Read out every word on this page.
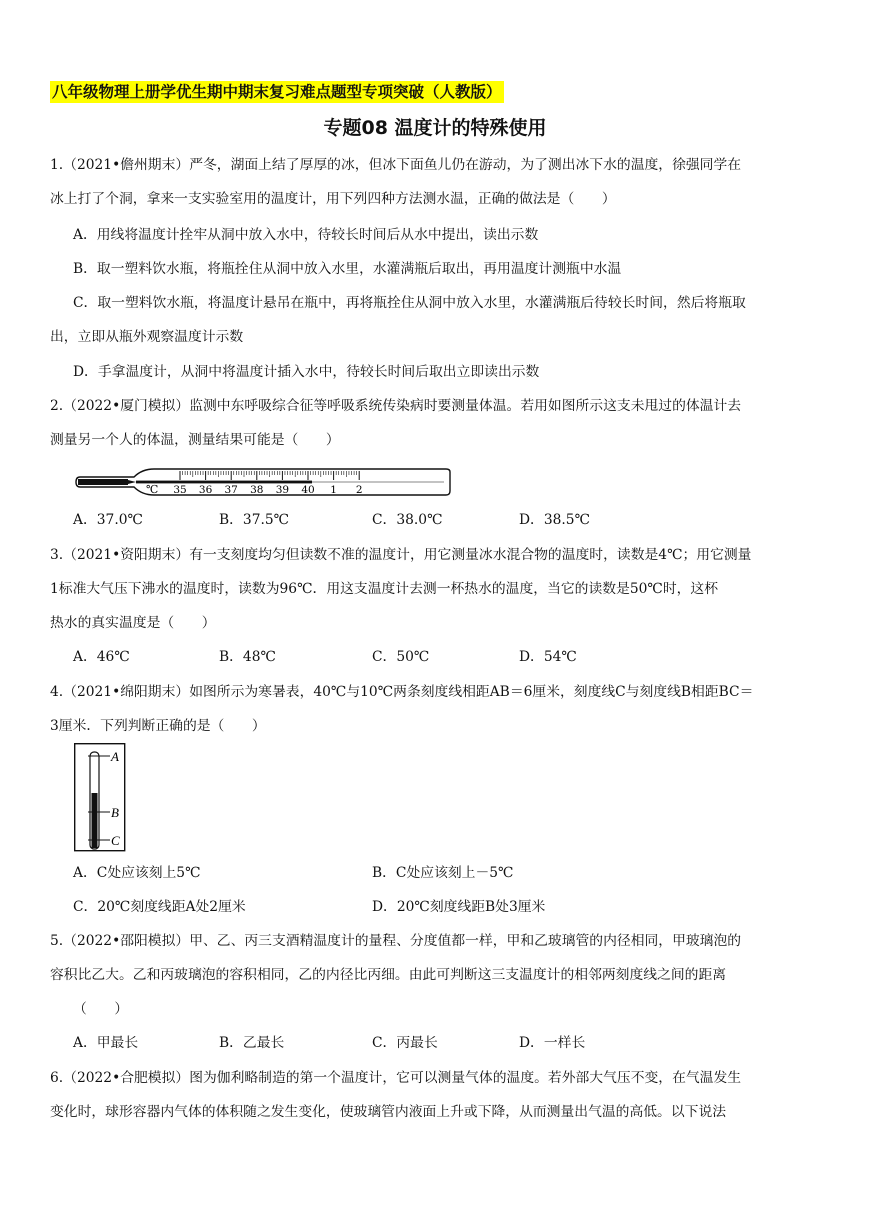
八年级物理上册学优生期中期末复习难点题型专项突破（人教版）
专题08 温度计的特殊使用
1.（2021•儋州期末）严冬，湖面上结了厚厚的冰，但冰下面鱼儿仍在游动，为了测出冰下水的温度，徐强同学在
冰上打了个洞，拿来一支实验室用的温度计，用下列四种方法测水温，正确的做法是（　　）
A．用线将温度计拴牢从洞中放入水中，待较长时间后从水中提出，读出示数
B．取一塑料饮水瓶，将瓶拴住从洞中放入水里，水灌满瓶后取出，再用温度计测瓶中水温
C．取一塑料饮水瓶，将温度计悬吊在瓶中，再将瓶拴住从洞中放入水里，水灌满瓶后待较长时间，然后将瓶取
出，立即从瓶外观察温度计示数
D．手拿温度计，从洞中将温度计插入水中，待较长时间后取出立即读出示数
2.（2022•厦门模拟）监测中东呼吸综合征等呼吸系统传染病时要测量体温。若用如图所示这支未甩过的体温计去
测量另一个人的体温，测量结果可能是（　　）
℃ 35 36 37 38 39 40 1 2
A．37.0℃	B．37.5℃	C．38.0℃	D．38.5℃
3.（2021•资阳期末）有一支刻度均匀但读数不准的温度计，用它测量冰水混合物的温度时，读数是4℃；用它测量
1标准大气压下沸水的温度时，读数为96℃．用这支温度计去测一杯热水的温度，当它的读数是50℃时，这杯
热水的真实温度是（　　）
A．46℃	B．48℃	C．50℃	D．54℃
4.（2021•绵阳期末）如图所示为寒暑表，40℃与10℃两条刻度线相距AB＝6厘米，刻度线C与刻度线B相距BC＝
3厘米．下列判断正确的是（　　）
A
B
C
A．C处应该刻上5℃	B．C处应该刻上－5℃
C．20℃刻度线距A处2厘米	D．20℃刻度线距B处3厘米
5.（2022•邵阳模拟）甲、乙、丙三支酒精温度计的量程、分度值都一样，甲和乙玻璃管的内径相同，甲玻璃泡的
容积比乙大。乙和丙玻璃泡的容积相同，乙的内径比丙细。由此可判断这三支温度计的相邻两刻度线之间的距离
（　　）
A．甲最长	B．乙最长	C．丙最长	D．一样长
6.（2022•合肥模拟）图为伽利略制造的第一个温度计，它可以测量气体的温度。若外部大气压不变，在气温发生
变化时，球形容器内气体的体积随之发生变化，使玻璃管内液面上升或下降，从而测量出气温的高低。以下说法
